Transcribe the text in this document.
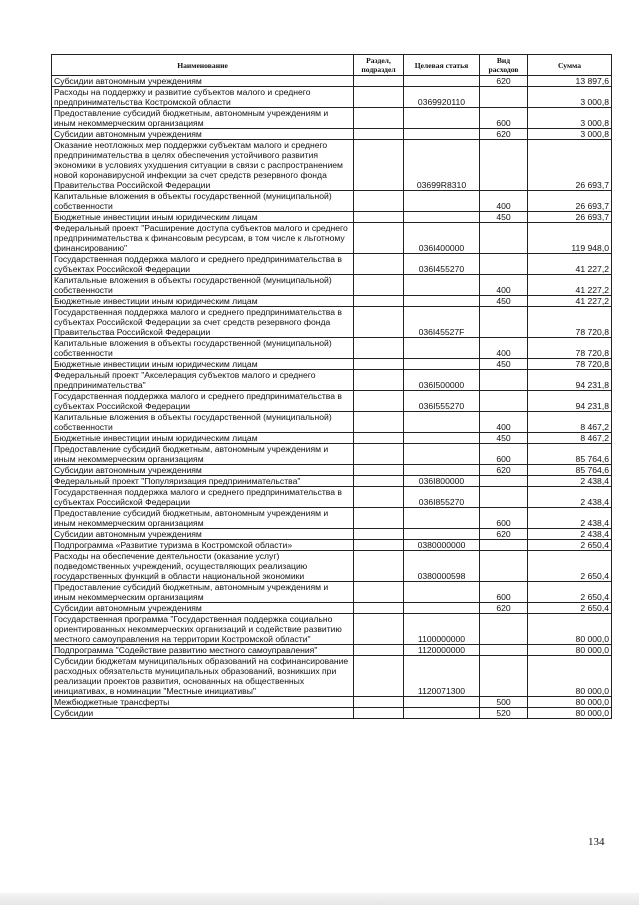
Наименование	Раздел, подраздел	Целевая статья	Вид расходов	Сумма
Субсидии автономным учреждениям			620	13 897,6
Расходы на поддержку и развитие субъектов малого и среднего предпринимательства Костромской области		0369920110		3 000,8
Предоставление субсидий бюджетным, автономным учреждениям и иным некоммерческим организациям			600	3 000,8
Субсидии автономным учреждениям			620	3 000,8
Оказание неотложных мер поддержки субъектам малого и среднего предпринимательства в целях обеспечения устойчивого развития экономики в условиях ухудшения ситуации в связи с распространением новой коронавирусной инфекции за счет средств резервного фонда Правительства Российской Федерации		03699R8310		26 693,7
Капитальные вложения в объекты государственной (муниципальной) собственности			400	26 693,7
Бюджетные инвестиции иным юридическим лицам			450	26 693,7
Федеральный проект "Расширение доступа субъектов малого и среднего предпринимательства к финансовым ресурсам, в том числе к льготному финансированию"		036I400000		119 948,0
Государственная поддержка малого и среднего предпринимательства в субъектах Российской Федерации		036I455270		41 227,2
Капитальные вложения в объекты государственной (муниципальной) собственности			400	41 227,2
Бюджетные инвестиции иным юридическим лицам			450	41 227,2
Государственная поддержка малого и среднего предпринимательства в субъектах Российской Федерации за счет средств резервного фонда Правительства Российской Федерации		036I45527F		78 720,8
Капитальные вложения в объекты государственной (муниципальной) собственности			400	78 720,8
Бюджетные инвестиции иным юридическим лицам			450	78 720,8
Федеральный проект "Акселерация субъектов малого и среднего предпринимательства"		036I500000		94 231,8
Государственная поддержка малого и среднего предпринимательства в субъектах Российской Федерации		036I555270		94 231,8
Капитальные вложения в объекты государственной (муниципальной) собственности			400	8 467,2
Бюджетные инвестиции иным юридическим лицам			450	8 467,2
Предоставление субсидий бюджетным, автономным учреждениям и иным некоммерческим организациям			600	85 764,6
Субсидии автономным учреждениям			620	85 764,6
Федеральный проект "Популяризация предпринимательства"		036I800000		2 438,4
Государственная поддержка малого и среднего предпринимательства в субъектах Российской Федерации		036I855270		2 438,4
Предоставление субсидий бюджетным, автономным учреждениям и иным некоммерческим организациям			600	2 438,4
Субсидии автономным учреждениям			620	2 438,4
Подпрограмма «Развитие туризма в Костромской области»		0380000000		2 650,4
Расходы на обеспечение деятельности (оказание услуг) подведомственных учреждений, осуществляющих реализацию государственных функций в области национальной экономики		0380000598		2 650,4
Предоставление субсидий бюджетным, автономным учреждениям и иным некоммерческим организациям			600	2 650,4
Субсидии автономным учреждениям			620	2 650,4
Государственная программа "Государственная поддержка социально ориентированных некоммерческих организаций и содействие развитию местного самоуправления на территории Костромской области"		1100000000		80 000,0
Подпрограмма "Содействие развитию местного самоуправления"		1120000000		80 000,0
Субсидии бюджетам муниципальных образований на софинансирование расходных обязательств муниципальных образований, возникших при реализации проектов развития, основанных на общественных инициативах, в номинации "Местные инициативы"		1120071300		80 000,0
Межбюджетные трансферты			500	80 000,0
Субсидии			520	80 000,0
134
